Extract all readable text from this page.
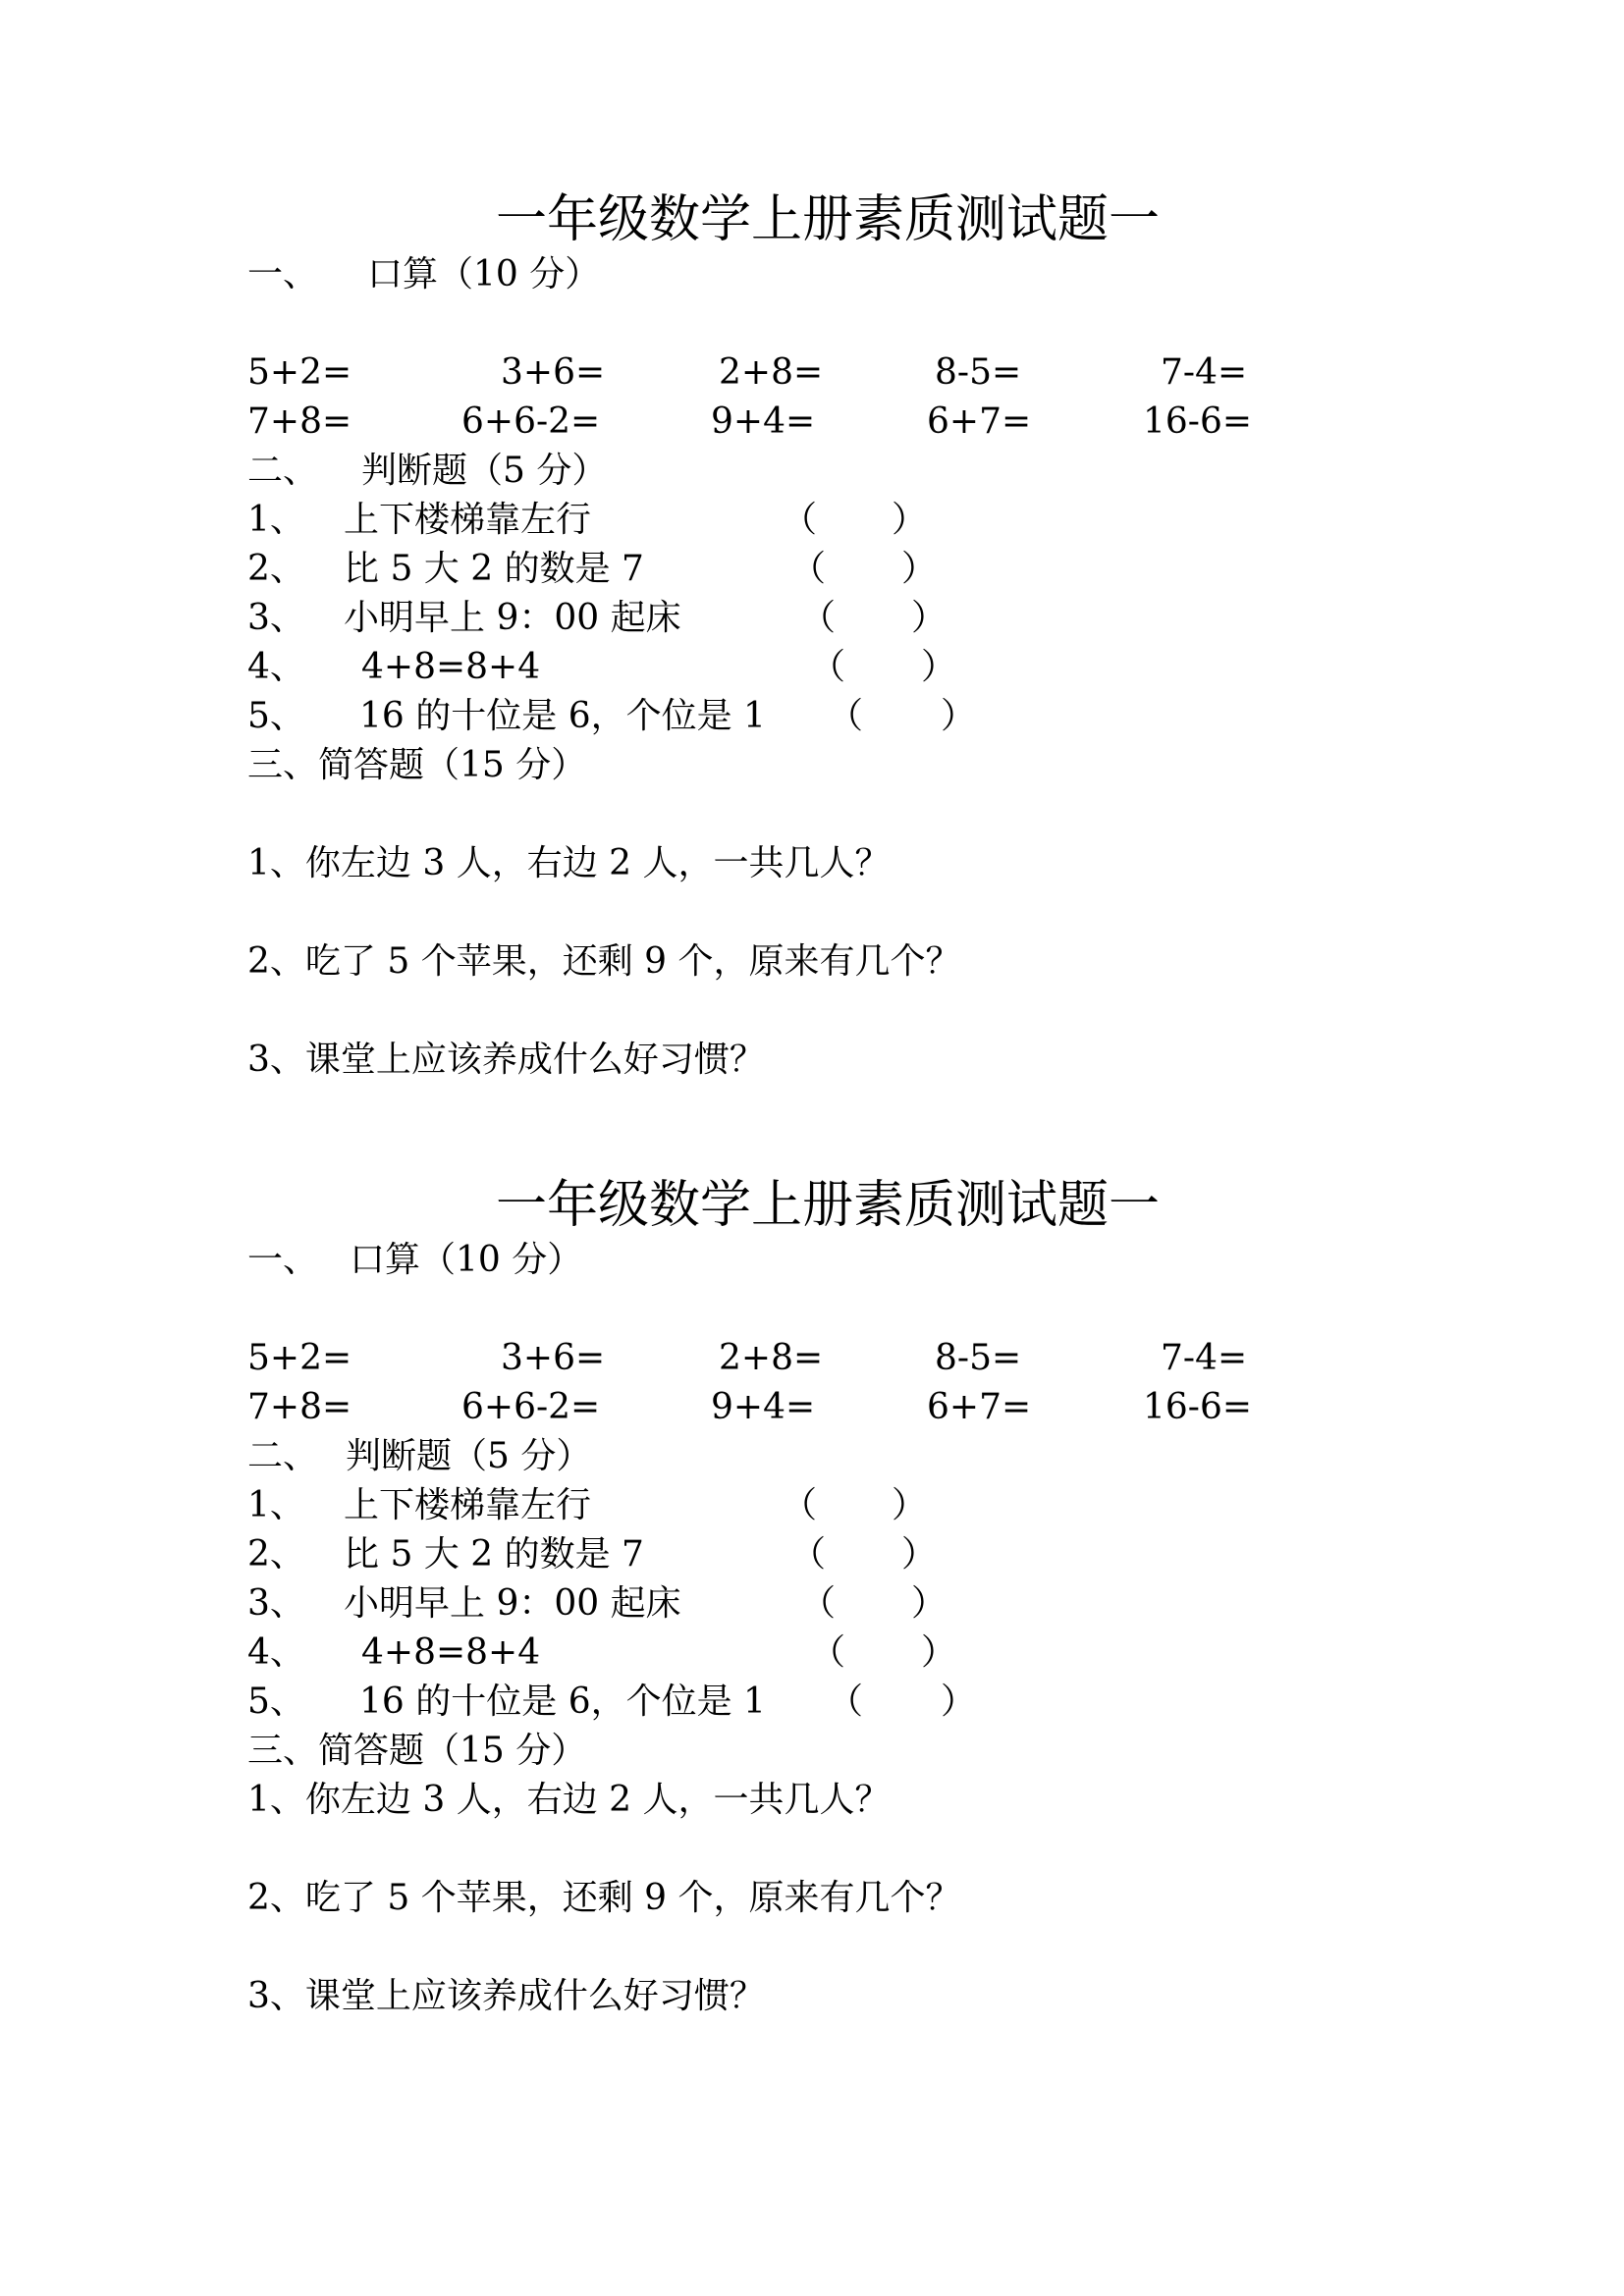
一年级数学上册素质测试题一
一、 口算（10 分）
5+2=	3+6=	2+8=	8-5=	7-4=
7+8=	6+6-2=	9+4=	6+7=	16-6=
二、 判断题（5 分）
1、 上下楼梯靠左行	（ ）
2、 比 5 大 2 的数是 7	（ ）
3、 小明早上 9：00 起床	（ ）
4、 4+8=8+4	（ ）
5、 16 的十位是 6，个位是 1 （ ）
三、简答题（15 分）
1、你左边 3 人，右边 2 人，一共几人？
2、吃了 5 个苹果，还剩 9 个，原来有几个？
3、课堂上应该养成什么好习惯？
一年级数学上册素质测试题一
一、 口算（10 分）
5+2=	3+6=	2+8=	8-5=	7-4=
7+8=	6+6-2=	9+4=	6+7=	16-6=
二、 判断题（5 分）
1、 上下楼梯靠左行	（ ）
2、 比 5 大 2 的数是 7	（ ）
3、 小明早上 9：00 起床	（ ）
4、 4+8=8+4	（ ）
5、 16 的十位是 6，个位是 1 （ ）
三、简答题（15 分）
1、你左边 3 人，右边 2 人，一共几人？
2、吃了 5 个苹果，还剩 9 个，原来有几个？
3、课堂上应该养成什么好习惯？
